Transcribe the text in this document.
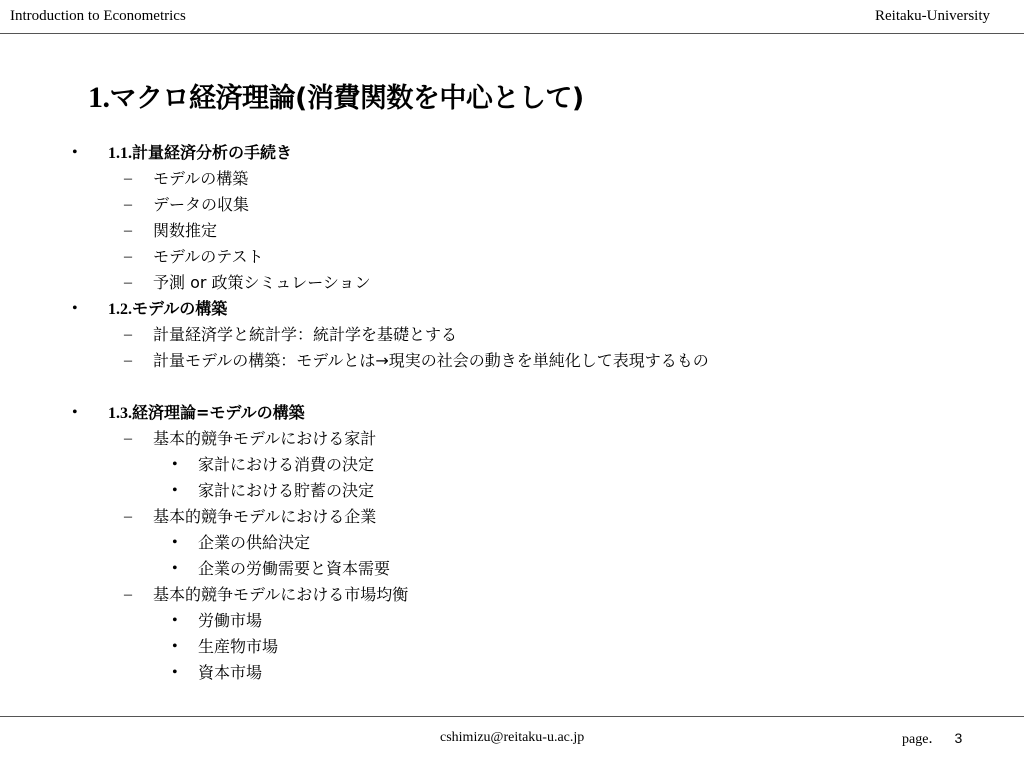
Introduction to Econometrics	Reitaku-University
1.マクロ経済理論(消費関数を中心として)
• 1.1.計量経済分析の手続き
– モデルの構築
– データの収集
– 関数推定
– モデルのテスト
– 予測 or 政策シミュレーション
• 1.2.モデルの構築
– 計量経済学と統計学：統計学を基礎とする
– 計量モデルの構築：モデルとは→現実の社会の動きを単純化して表現するもの
• 1.3.経済理論=モデルの構築
– 基本的競争モデルにおける家計
• 家計における消費の決定
• 家計における貯蓄の決定
– 基本的競争モデルにおける企業
• 企業の供給決定
• 企業の労働需要と資本需要
– 基本的競争モデルにおける市場均衡
• 労働市場
• 生産物市場
• 資本市場
cshimizu@reitaku-u.ac.jp	page． 3
